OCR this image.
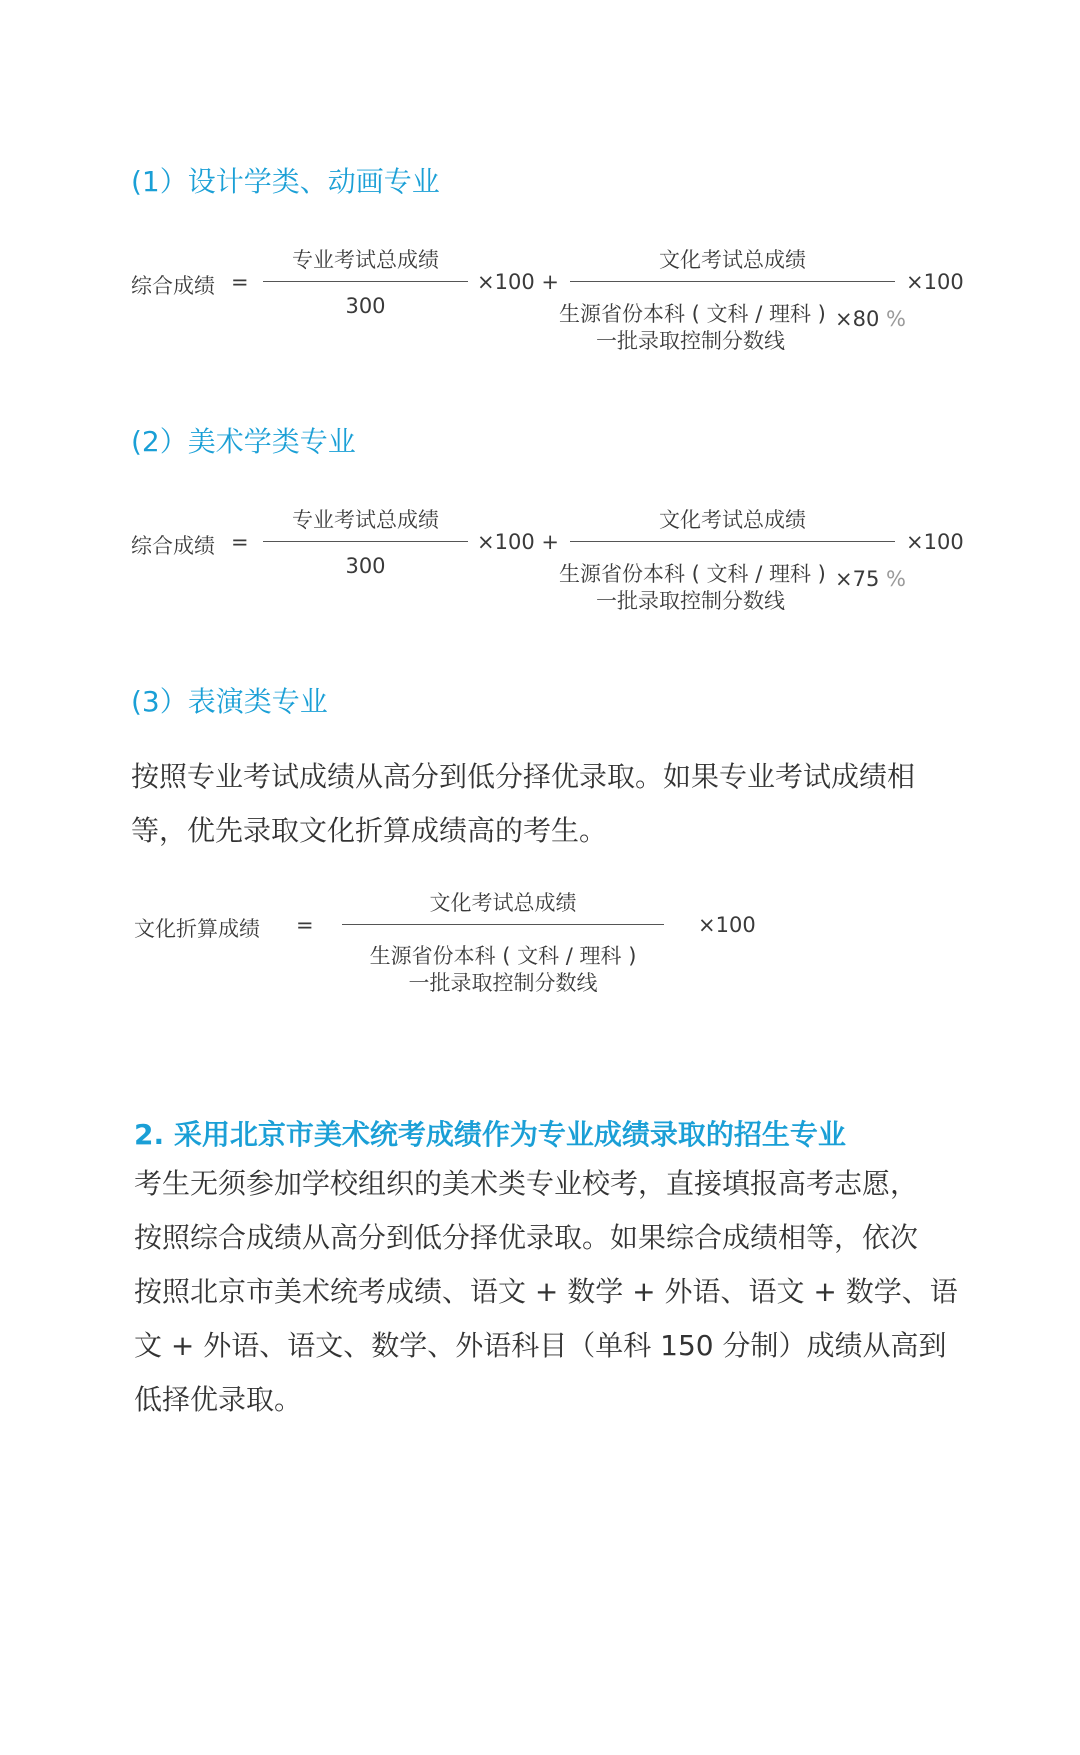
(1）设计学类、动画专业
综合成绩 =
专业考试总成绩
300
×100 +
文化考试总成绩
生源省份本科 ( 文科 / 理科 )
一批录取控制分数线
×80 %
×100
(2）美术学类专业
综合成绩 =
专业考试总成绩
300
×100 +
文化考试总成绩
生源省份本科 ( 文科 / 理科 )
一批录取控制分数线
×75 %
×100
(3）表演类专业
按照专业考试成绩从高分到低分择优录取。如果专业考试成绩相
等，优先录取文化折算成绩高的考生。
文化折算成绩 =
文化考试总成绩
生源省份本科 ( 文科 / 理科 )
一批录取控制分数线
×100
2. 采用北京市美术统考成绩作为专业成绩录取的招生专业
考生无须参加学校组织的美术类专业校考，直接填报高考志愿，
按照综合成绩从高分到低分择优录取。如果综合成绩相等，依次
按照北京市美术统考成绩、语文 + 数学 + 外语、语文 + 数学、语
文 + 外语、语文、数学、外语科目（单科 150 分制）成绩从高到
低择优录取。
